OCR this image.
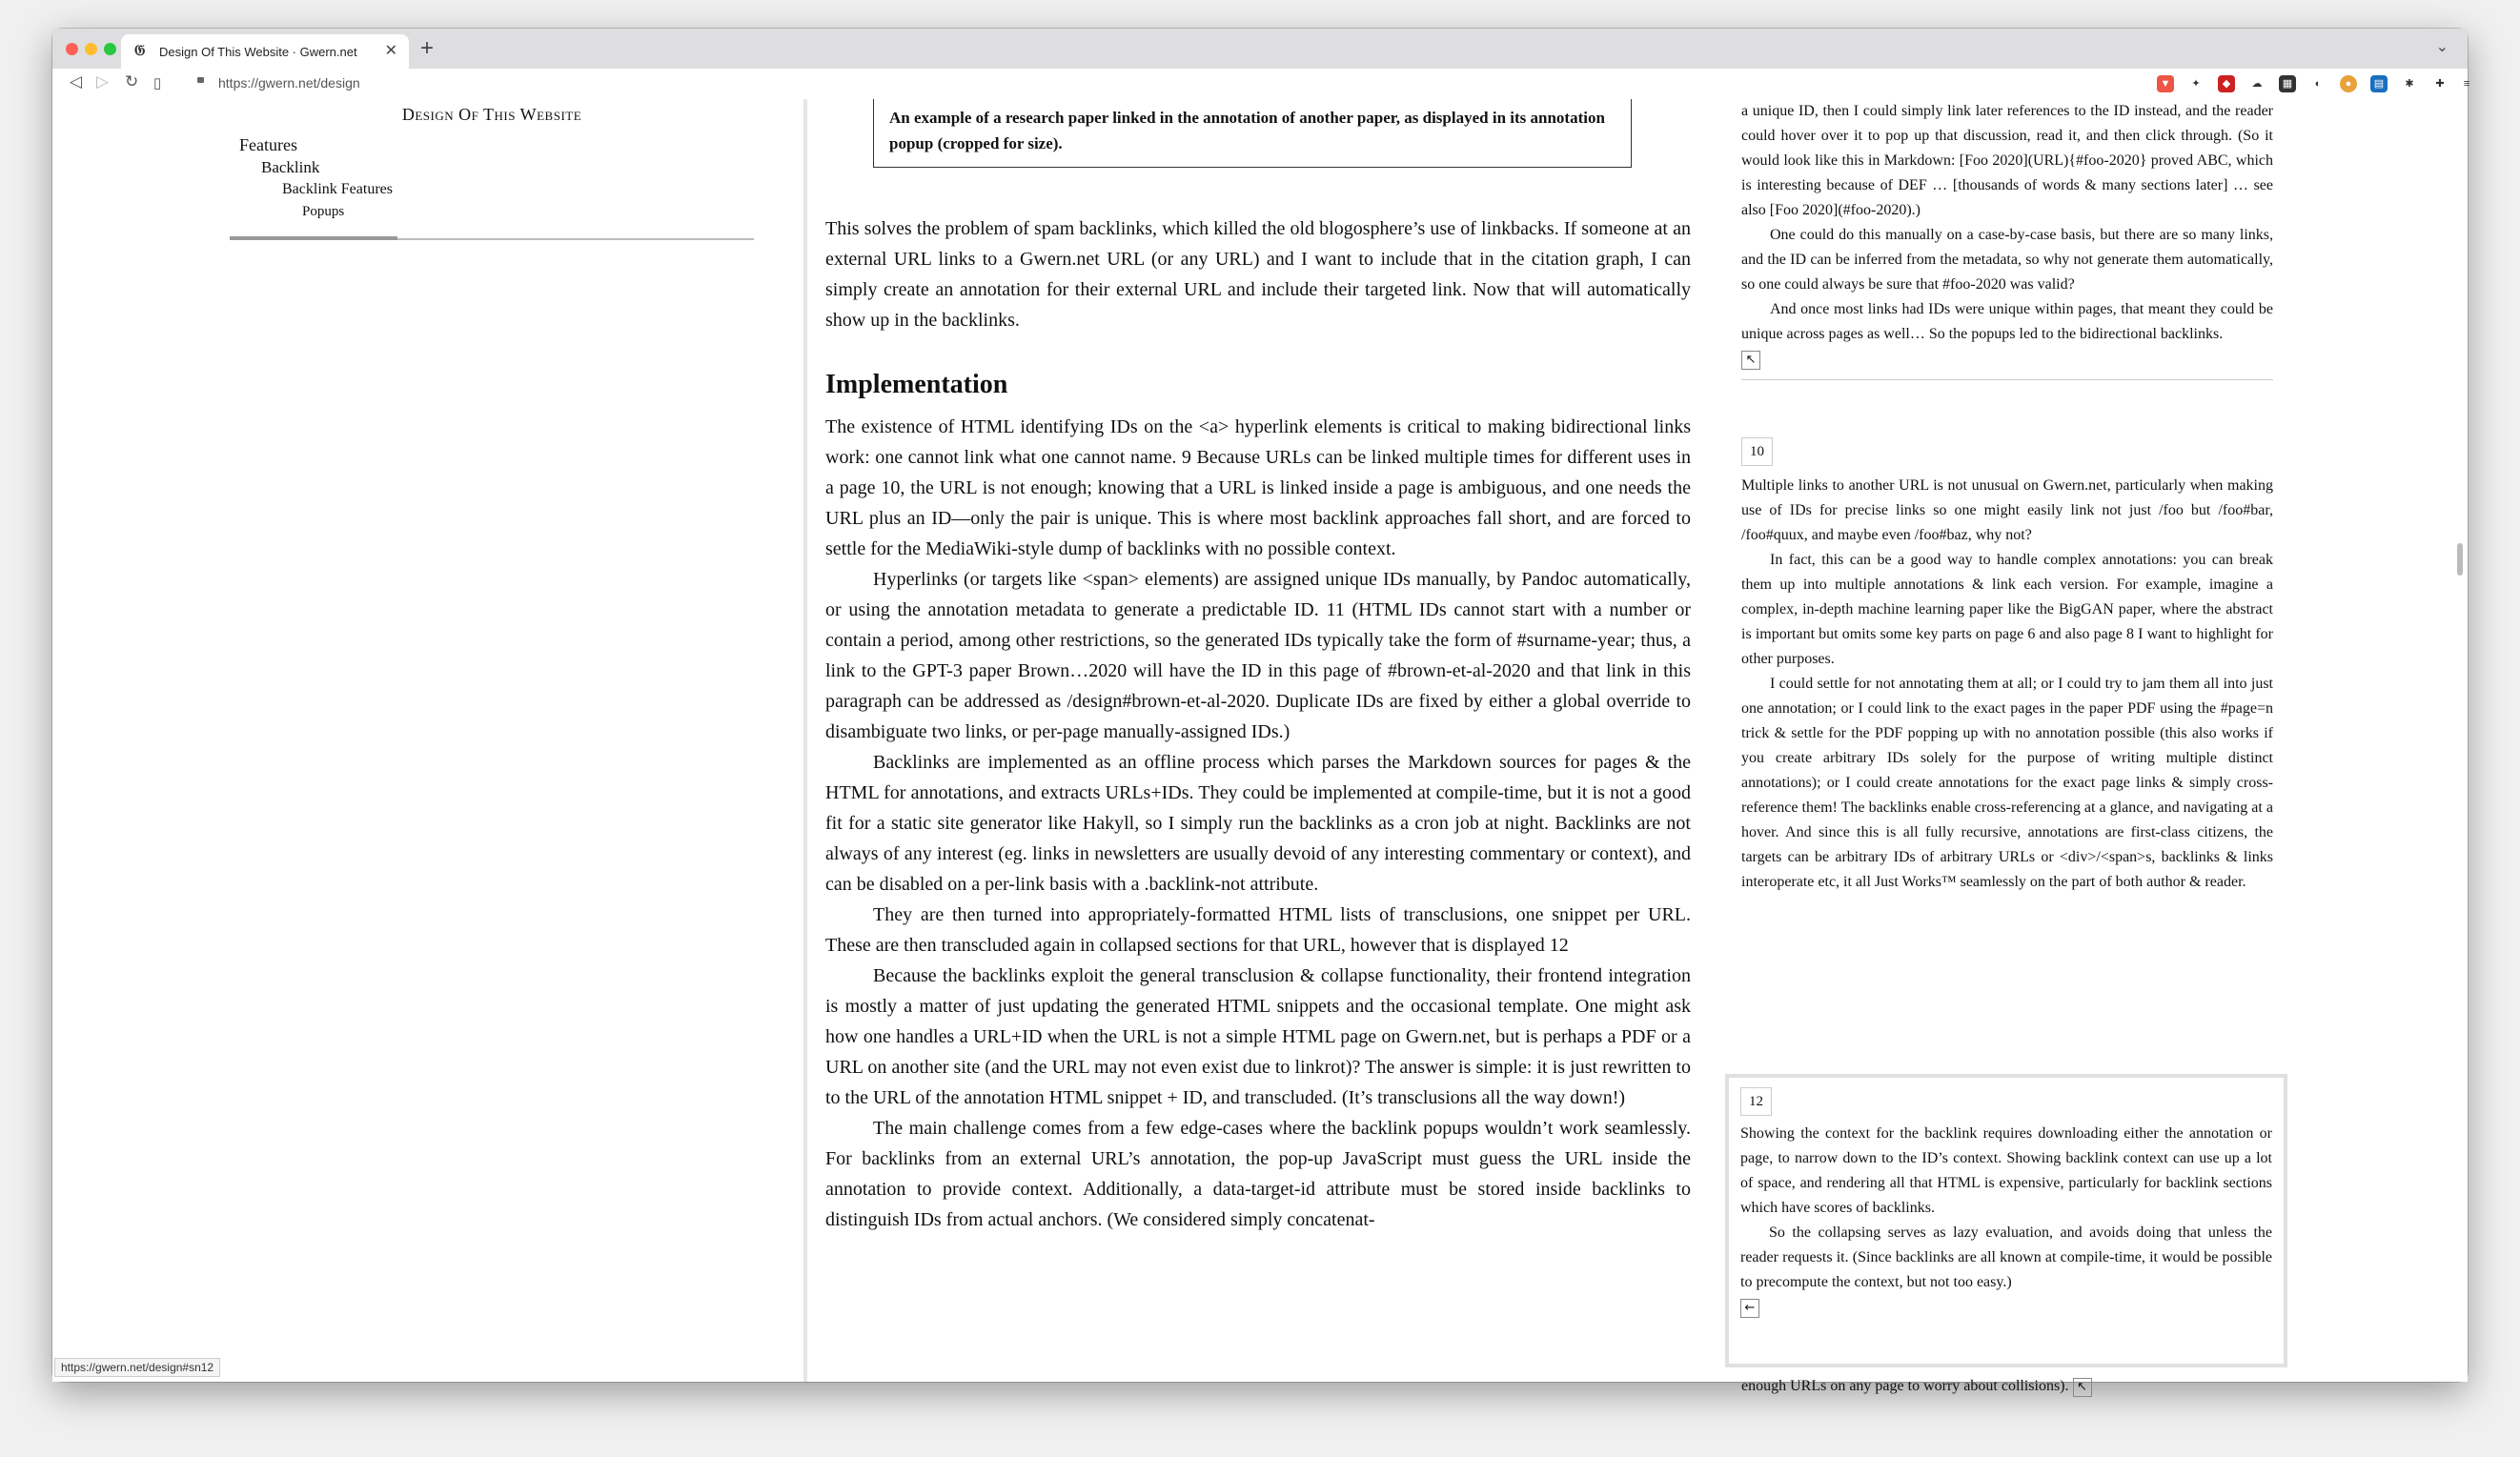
𝔊 Design Of This Website · Gwern.net	✕ +	⌄
◁ ▷ ↻ ▯	https://gwern.net/design	▼	✦	◆	☁	▦	◐	●	▤	✱	✚	≡
Design Of This Website
Features
Backlink
Backlink Features
Popups
An example of a research paper linked in the annotation of another paper, as displayed in its annotation popup (cropped for size).

This solves the problem of spam backlinks, which killed the old blogosphere’s use of linkbacks. If someone at an external URL links to a Gwern.net URL (or any URL) and I want to include that in the citation graph, I can simply create an annotation for their external URL and include their targeted link. Now that will automatically show up in the backlinks.

Implementation

The existence of HTML identifying IDs on the <a> hyperlink elements is critical to making bidirectional links work: one cannot link what one cannot name. 9 Because URLs can be linked multiple times for different uses in a page 10, the URL is not enough; knowing that a URL is linked inside a page is ambiguous, and one needs the URL plus an ID—only the pair is unique. This is where most backlink approaches fall short, and are forced to settle for the MediaWiki-style dump of backlinks with no possible context.

Hyperlinks (or targets like <span> elements) are assigned unique IDs manually, by Pandoc automatically, or using the annotation metadata to generate a predictable ID. 11 (HTML IDs cannot start with a number or contain a period, among other restrictions, so the generated IDs typically take the form of #surname-year; thus, a link to the GPT-3 paper Brown…2020 will have the ID in this page of #brown-et-al-2020 and that link in this paragraph can be addressed as /design#brown-et-al-2020. Duplicate IDs are fixed by either a global override to disambiguate two links, or per-page manually-assigned IDs.)

Backlinks are implemented as an offline process which parses the Markdown sources for pages & the HTML for annotations, and extracts URLs+IDs. They could be implemented at compile-time, but it is not a good fit for a static site generator like Hakyll, so I simply run the backlinks as a cron job at night. Backlinks are not always of any interest (eg. links in newsletters are usually devoid of any interesting commentary or context), and can be disabled on a per-link basis with a .backlink-not attribute.

They are then turned into appropriately-formatted HTML lists of transclusions, one snippet per URL. These are then transcluded again in collapsed sections for that URL, however that is displayed 12

Because the backlinks exploit the general transclusion & collapse functionality, their frontend integration is mostly a matter of just updating the generated HTML snippets and the occasional template. One might ask how one handles a URL+ID when the URL is not a simple HTML page on Gwern.net, but is perhaps a PDF or a URL on another site (and the URL may not even exist due to linkrot)? The answer is simple: it is just rewritten to to the URL of the annotation HTML snippet + ID, and transcluded. (It’s transclusions all the way down!)

The main challenge comes from a few edge-cases where the backlink popups wouldn’t work seamlessly. For backlinks from an external URL’s annotation, the pop-up JavaScript must guess the URL inside the annotation to provide context. Additionally, a data-target-id attribute must be stored inside backlinks to distinguish IDs from actual anchors. (We considered simply concatenat-

a unique ID, then I could simply link later references to the ID instead, and the reader could hover over it to pop up that discussion, read it, and then click through. (So it would look like this in Markdown: [Foo 2020](URL){#foo-2020} proved ABC, which is interesting because of DEF … [thousands of words & many sections later] … see also [Foo 2020](#foo-2020).)

One could do this manually on a case-by-case basis, but there are so many links, and the ID can be inferred from the metadata, so why not generate them automatically, so one could always be sure that #foo-2020 was valid?

And once most links had IDs were unique within pages, that meant they could be unique across pages as well… So the popups led to the bidirectional backlinks.

↖
10

Multiple links to another URL is not unusual on Gwern.net, particularly when making use of IDs for precise links so one might easily link not just /foo but /foo#bar, /foo#quux, and maybe even /foo#baz, why not?

In fact, this can be a good way to handle complex annotations: you can break them up into multiple annotations & link each version. For example, imagine a complex, in-depth machine learning paper like the BigGAN paper, where the abstract is important but omits some key parts on page 6 and also page 8 I want to highlight for other purposes.

I could settle for not annotating them at all; or I could try to jam them all into just one annotation; or I could link to the exact pages in the paper PDF using the #page=n trick & settle for the PDF popping up with no annotation possible (this also works if you create arbitrary IDs solely for the purpose of writing multiple distinct annotations); or I could create annotations for the exact page links & simply cross-reference them! The backlinks enable cross-referencing at a glance, and navigating at a hover. And since this is all fully recursive, annotations are first-class citizens, the targets can be arbitrary IDs of arbitrary URLs or <div>/<span>s, backlinks & links interoperate etc, it all Just Works™ seamlessly on the part of both author & reader.

12

Showing the context for the backlink requires downloading either the annotation or page, to narrow down to the ID’s context. Showing backlink context can use up a lot of space, and rendering all that HTML is expensive, particularly for backlink sections which have scores of backlinks.

So the collapsing serves as lazy evaluation, and avoids doing that unless the reader requests it. (Since backlinks are all known at compile-time, it would be possible to precompute the context, but not too easy.)

←
enough URLs on any page to worry about collisions). ↖
https://gwern.net/design#sn12
